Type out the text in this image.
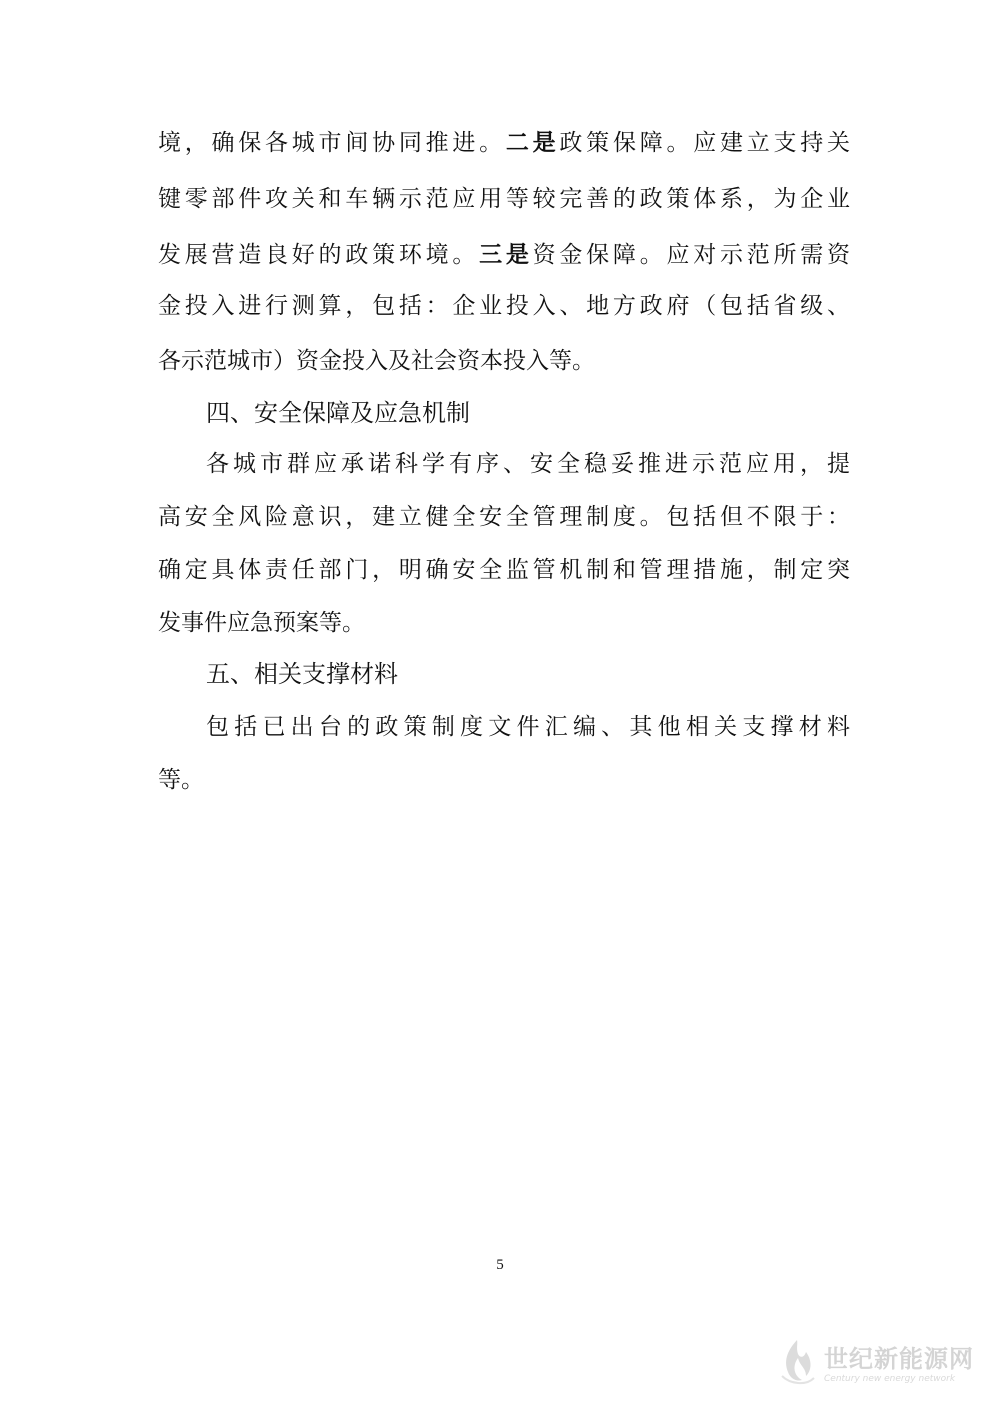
境，确保各城市间协同推进。二是政策保障。应建立支持关
键零部件攻关和车辆示范应用等较完善的政策体系，为企业
发展营造良好的政策环境。三是资金保障。应对示范所需资
金投入进行测算，包括：企业投入、地方政府（包括省级、
各示范城市）资金投入及社会资本投入等。
四、安全保障及应急机制
各城市群应承诺科学有序、安全稳妥推进示范应用，提
高安全风险意识，建立健全安全管理制度。包括但不限于：
确定具体责任部门，明确安全监管机制和管理措施，制定突
发事件应急预案等。
五、相关支撑材料
包括已出台的政策制度文件汇编、其他相关支撑材料
等。
5
世纪新能源网
Century new energy network
